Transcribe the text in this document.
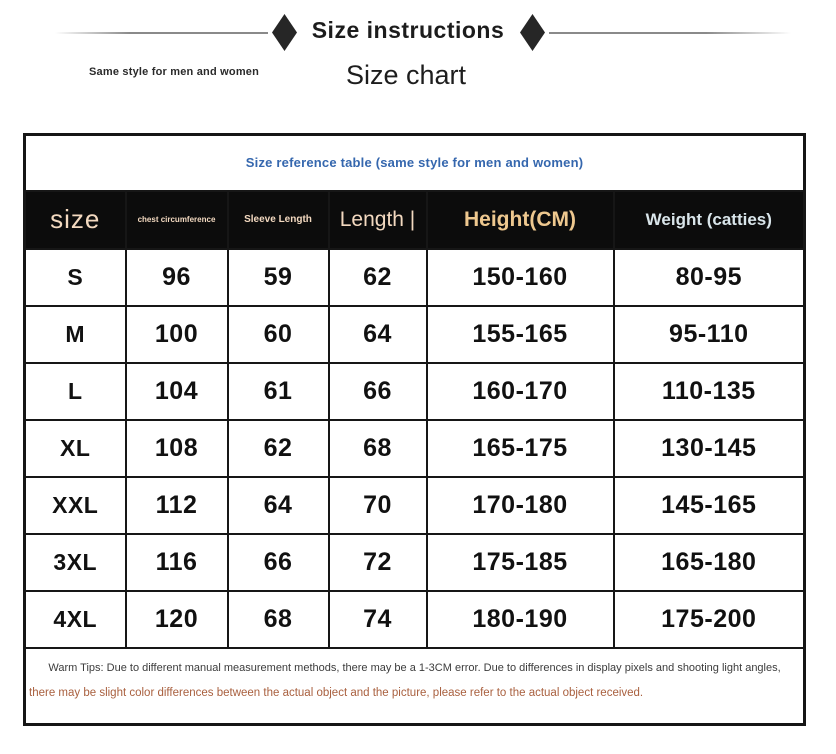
Size instructions
Same style for men and women	Size chart
Size reference table (same style for men and women)					
size	chest circumference	Sleeve Length	Length |	Height(CM)	Weight (catties)
S	96	59	62	150-160	80-95
M	100	60	64	155-165	95-110
L	104	61	66	160-170	110-135
XL	108	62	68	165-175	130-145
XXL	112	64	70	170-180	145-165
3XL	116	66	72	175-185	165-180
4XL	120	68	74	180-190	175-200

Warm Tips: Due to different manual measurement methods, there may be a 1-3CM error. Due to differences in display pixels and shooting light angles,
there may be slight color differences between the actual object and the picture, please refer to the actual object received.					
